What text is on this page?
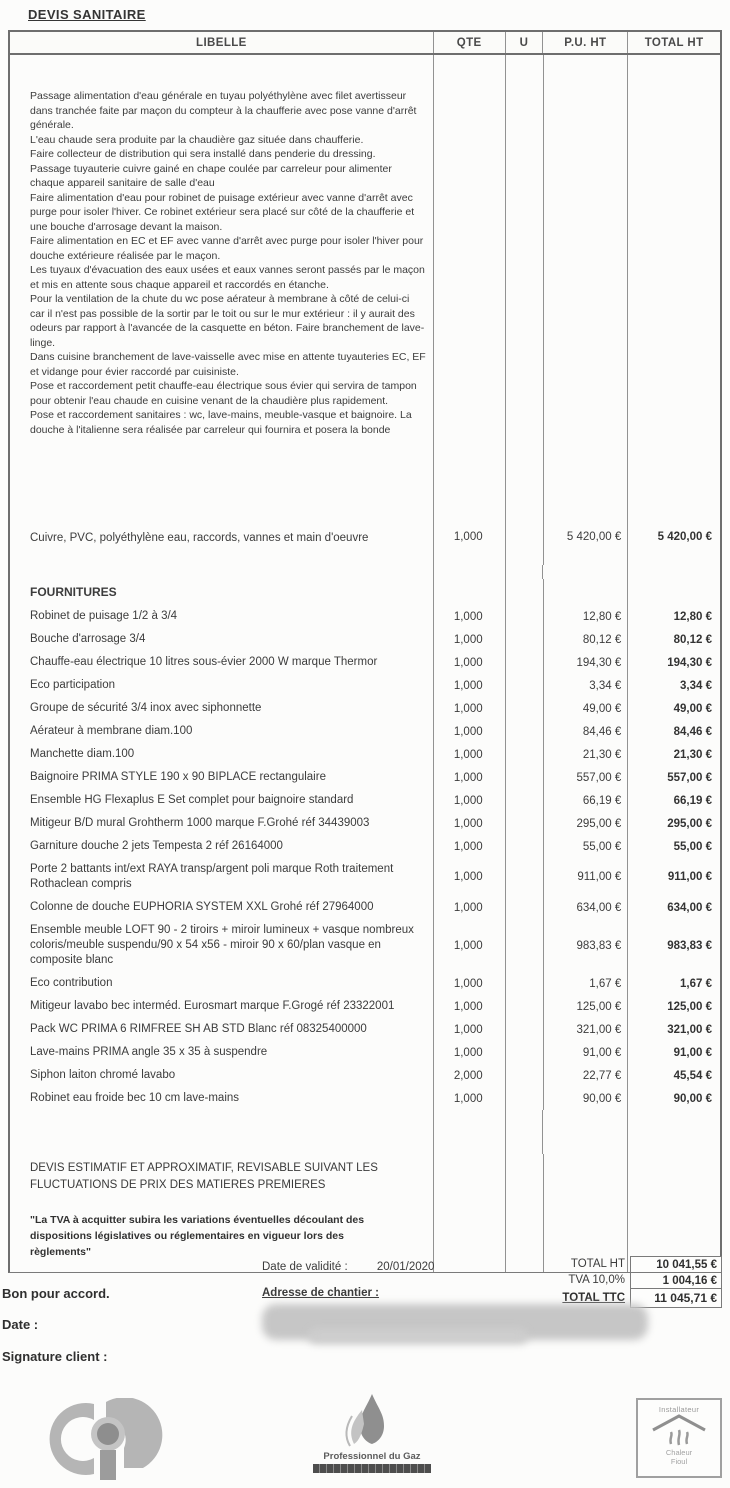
DEVIS SANITAIRE
LIBELLE	QTE	U	P.U. HT	TOTAL HT
Passage alimentation d'eau générale en tuyau polyéthylène avec filet avertisseur dans tranchée faite par maçon du compteur à la chaufferie avec pose vanne d'arrêt générale.
L'eau chaude sera produite par la chaudière gaz située dans chaufferie.
Faire collecteur de distribution qui sera installé dans penderie du dressing.
Passage tuyauterie cuivre gainé en chape coulée par carreleur pour alimenter chaque appareil sanitaire de salle d'eau
Faire alimentation d'eau pour robinet de puisage extérieur avec vanne d'arrêt avec purge pour isoler l'hiver. Ce robinet extérieur sera placé sur côté de la chaufferie et une bouche d'arrosage devant la maison.
Faire alimentation en EC et EF avec vanne d'arrêt avec purge pour isoler l'hiver pour douche extérieure réalisée par le maçon.
Les tuyaux d'évacuation des eaux usées et eaux vannes seront passés par le maçon et mis en attente sous chaque appareil et raccordés en étanche.
Pour la ventilation de la chute du wc pose aérateur à membrane à côté de celui-ci car il n'est pas possible de la sortir par le toit ou sur le mur extérieur : il y aurait des odeurs par rapport à l'avancée de la casquette en béton. Faire branchement de lave-linge.
Dans cuisine branchement de lave-vaisselle avec mise en attente tuyauteries EC, EF et vidange pour évier raccordé par cuisiniste.
Pose et raccordement petit chauffe-eau électrique sous évier qui servira de tampon pour obtenir l'eau chaude en cuisine venant de la chaudière plus rapidement.
Pose et raccordement sanitaires : wc, lave-mains, meuble-vasque et baignoire. La douche à l'italienne sera réalisée par carreleur qui fournira et posera la bonde
Cuivre, PVC, polyéthylène eau, raccords, vannes et main d'oeuvre	1,000	5 420,00 €	5 420,00 €
FOURNITURES
Robinet de puisage 1/2 à 3/4	1,000	12,80 €	12,80 €
Bouche d'arrosage 3/4	1,000	80,12 €	80,12 €
Chauffe-eau électrique 10 litres sous-évier 2000 W marque Thermor	1,000	194,30 €	194,30 €
Eco participation	1,000	3,34 €	3,34 €
Groupe de sécurité 3/4 inox avec siphonnette	1,000	49,00 €	49,00 €
Aérateur à membrane diam.100	1,000	84,46 €	84,46 €
Manchette diam.100	1,000	21,30 €	21,30 €
Baignoire PRIMA STYLE 190 x 90 BIPLACE rectangulaire	1,000	557,00 €	557,00 €
Ensemble HG Flexaplus E Set complet pour baignoire standard	1,000	66,19 €	66,19 €
Mitigeur B/D mural Grohtherm 1000 marque F.Grohé réf 34439003	1,000	295,00 €	295,00 €
Garniture douche 2 jets Tempesta 2 réf 26164000	1,000	55,00 €	55,00 €
Porte 2 battants int/ext RAYA transp/argent poli marque Roth traitement Rothaclean compris
1,000	911,00 €	911,00 €
Colonne de douche EUPHORIA SYSTEM XXL Grohé réf 27964000	1,000	634,00 €	634,00 €
Ensemble meuble LOFT 90 - 2 tiroirs + miroir lumineux + vasque nombreux coloris/meuble suspendu/90 x 54 x56 - miroir 90 x 60/plan vasque en composite blanc
1,000	983,83 €	983,83 €
Eco contribution	1,000	1,67 €	1,67 €
Mitigeur lavabo bec interméd. Eurosmart marque F.Grogé réf 23322001	1,000	125,00 €	125,00 €
Pack WC PRIMA 6 RIMFREE SH AB STD Blanc réf 08325400000	1,000	321,00 €	321,00 €
Lave-mains PRIMA angle 35 x 35 à suspendre	1,000	91,00 €	91,00 €
Siphon laiton chromé lavabo	2,000	22,77 €	45,54 €
Robinet eau froide bec 10 cm lave-mains	1,000	90,00 €	90,00 €
DEVIS ESTIMATIF ET APPROXIMATIF, REVISABLE SUIVANT LES
FLUCTUATIONS DE PRIX DES MATIERES PREMIERES
"La TVA à acquitter subira les variations éventuelles découlant des
dispositions législatives ou réglementaires en vigueur lors des
règlements"
TOTAL HT	10 041,55 €
TVA 10,0%	1 004,16 €
TOTAL TTC	11 045,71 €
Date de validité :	20/01/2020
Adresse de chantier :
Bon pour accord.
Date :
Signature client :
Professionnel du Gaz
Installateur
Chaleur
Fioul
